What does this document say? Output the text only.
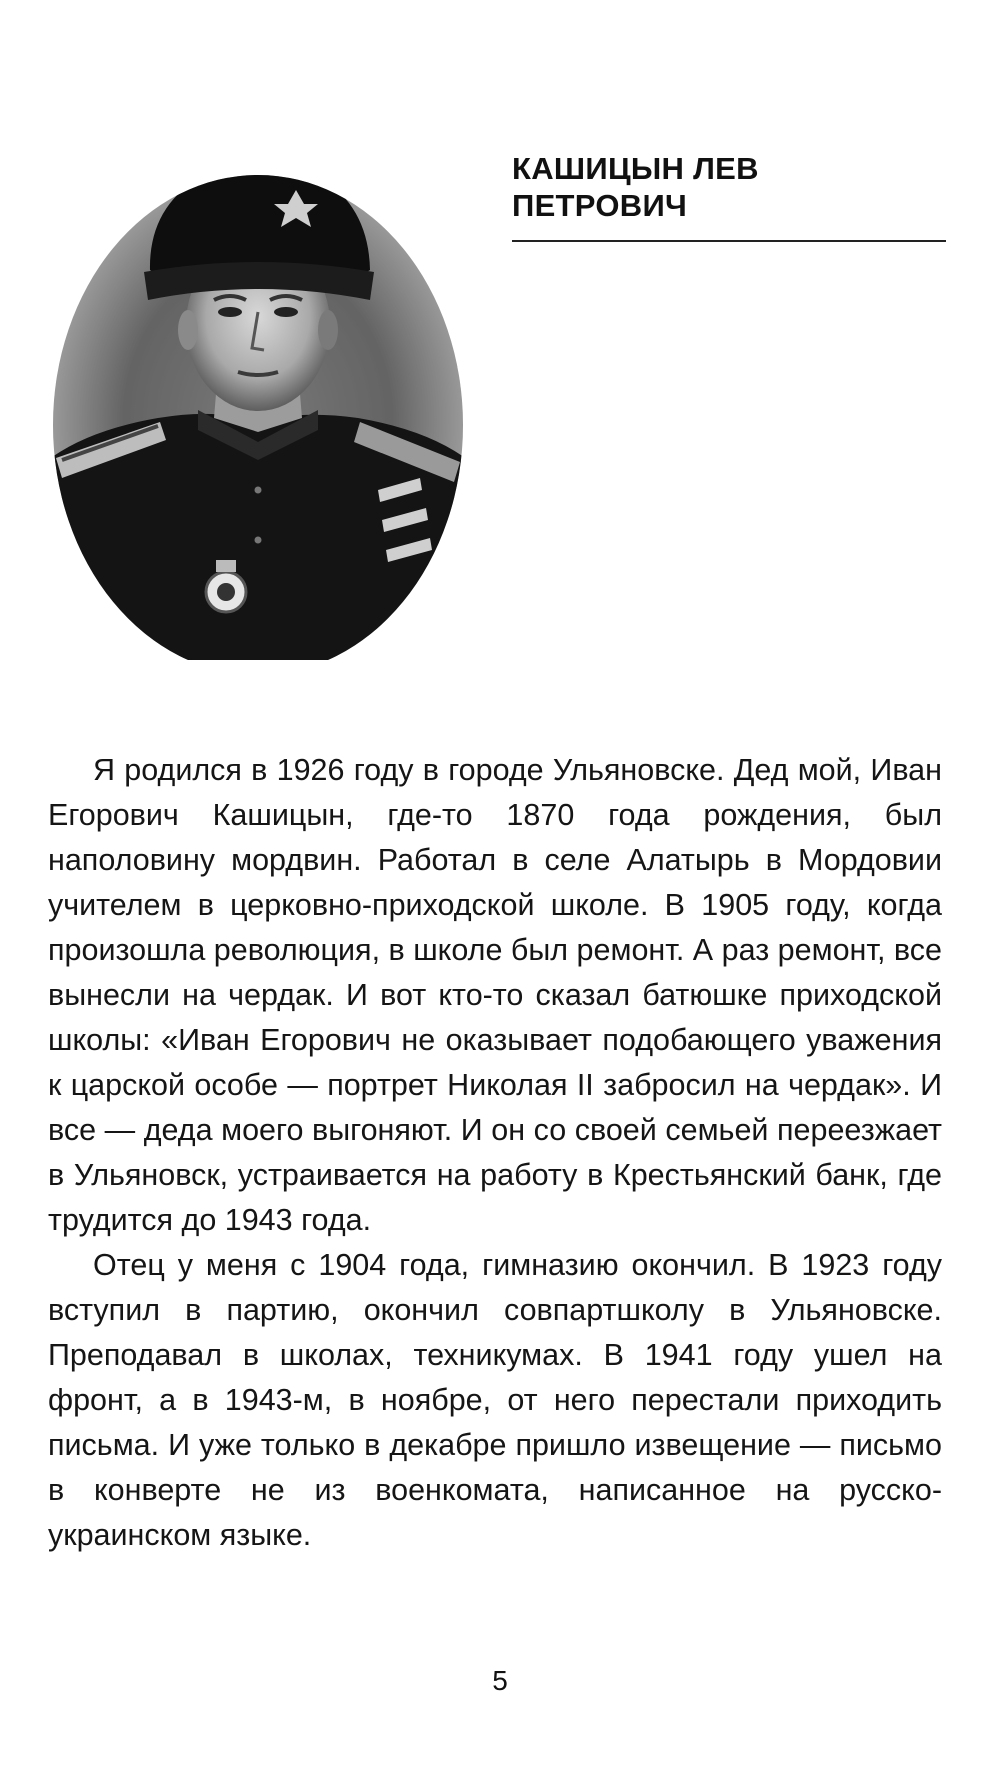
КАШИЦЫН ЛЕВ
ПЕТРОВИЧ

Я родился в 1926 году в городе Ульяновске. Дед мой, Иван Егорович Кашицын, где-то 1870 года рождения, был наполовину мордвин. Работал в селе Алатырь в Мордовии учителем в церковно-приходской школе. В 1905 году, когда произошла революция, в школе был ремонт. А раз ремонт, все вынесли на чердак. И вот кто-то сказал батюшке приходской школы: «Иван Егорович не оказывает подобающего уважения к царской особе — портрет Николая II забросил на чердак». И все — деда моего выгоняют. И он со своей семьей переезжает в Ульяновск, устраивается на работу в Крестьянский банк, где трудится до 1943 года.

Отец у меня с 1904 года, гимназию окончил. В 1923 году вступил в партию, окончил совпартшколу в Ульяновске. Преподавал в школах, техникумах. В 1941 году ушел на фронт, а в 1943-м, в ноябре, от него перестали приходить письма. И уже только в декабре пришло извещение — письмо в конверте не из военкомата, написанное на русско-украинском языке.

5
